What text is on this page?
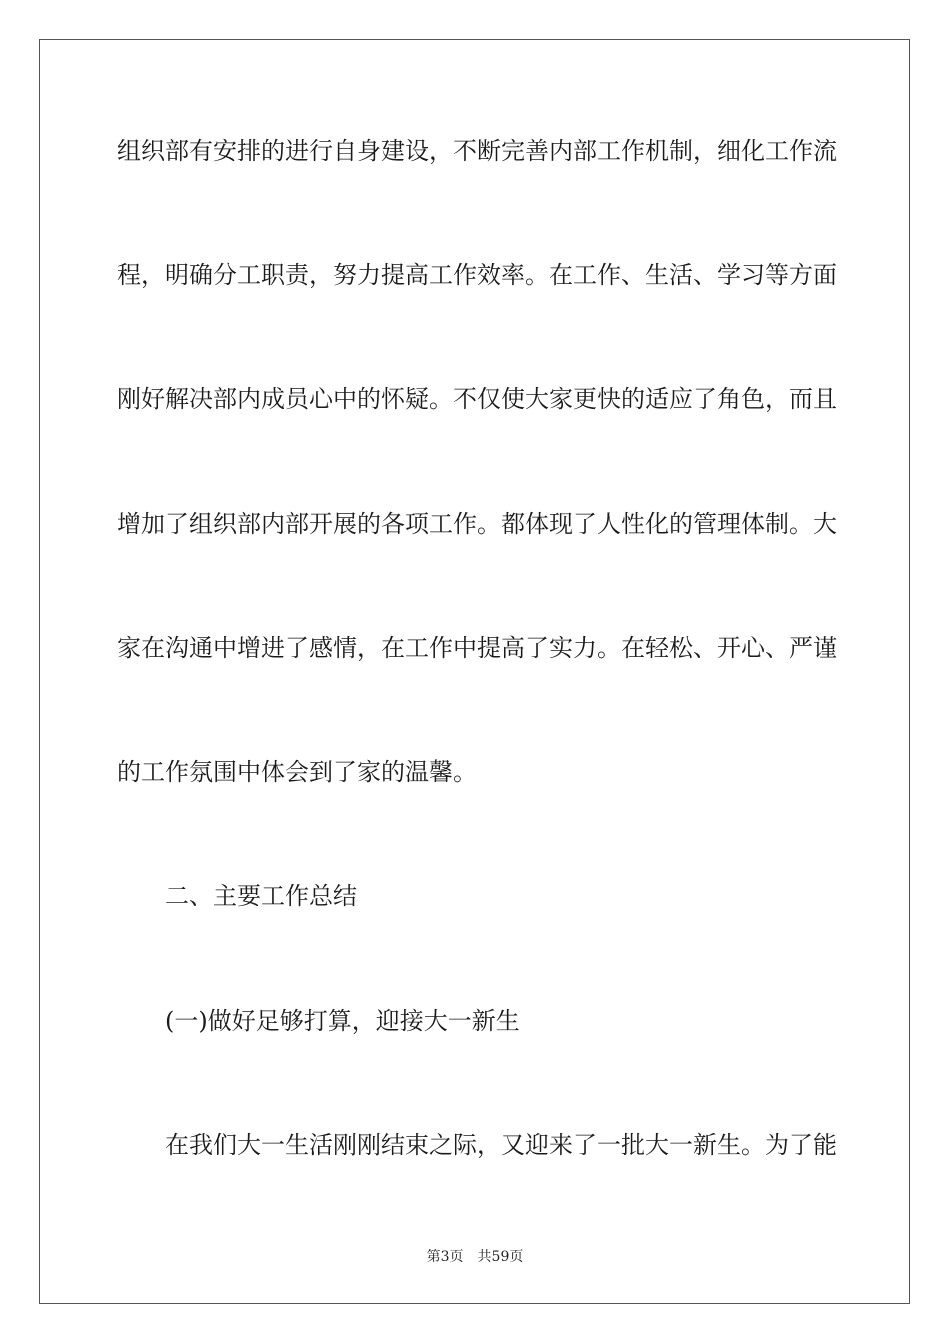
组织部有安排的进行自身建设，不断完善内部工作机制，细化工作流
程，明确分工职责，努力提高工作效率。在工作、生活、学习等方面
刚好解决部内成员心中的怀疑。不仅使大家更快的适应了角色，而且
增加了组织部内部开展的各项工作。都体现了人性化的管理体制。大
家在沟通中增进了感情，在工作中提高了实力。在轻松、开心、严谨
的工作氛围中体会到了家的温馨。
二、主要工作总结
(一)做好足够打算，迎接大一新生
在我们大一生活刚刚结束之际，又迎来了一批大一新生。为了能
第3页 共59页
